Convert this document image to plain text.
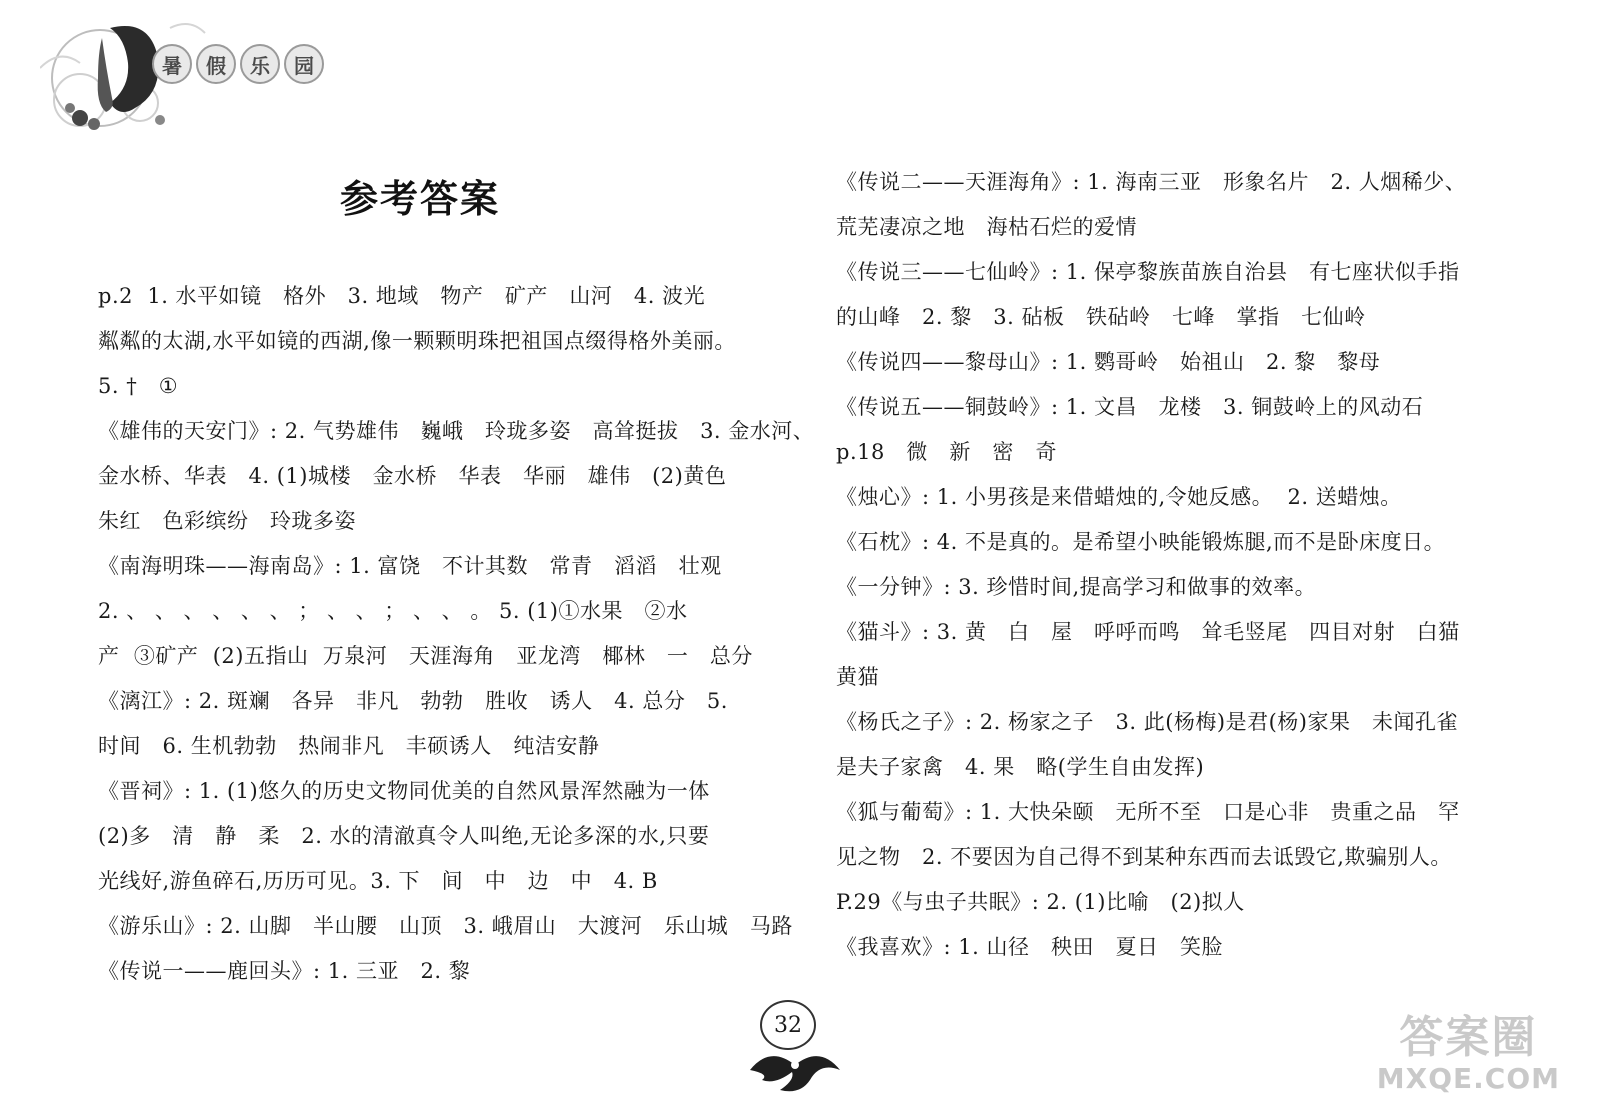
暑	假	乐	园
参考答案
p.2  1. 水平如镜   格外   3. 地域   物产   矿产   山河   4. 波光
粼粼的太湖,水平如镜的西湖,像一颗颗明珠把祖国点缀得格外美丽。
5. †   ①
《雄伟的天安门》: 2. 气势雄伟   巍峨   玲珑多姿   高耸挺拔   3. 金水河、
金水桥、华表   4. (1)城楼   金水桥   华表   华丽   雄伟   (2)黄色
朱红   色彩缤纷   玲珑多姿
《南海明珠——海南岛》: 1. 富饶   不计其数   常青   滔滔   壮观
2. 、 、 、 、 、 、 ； 、 、 ； 、 、 。 5. (1)①水果   ②水
产  ③矿产  (2)五指山  万泉河   天涯海角   亚龙湾   椰林   一   总分
《漓江》: 2. 斑斓   各异   非凡   勃勃   胜收   诱人   4. 总分   5.
时间   6. 生机勃勃   热闹非凡   丰硕诱人   纯洁安静
《晋祠》: 1. (1)悠久的历史文物同优美的自然风景浑然融为一体
(2)多   清   静   柔   2. 水的清澈真令人叫绝,无论多深的水,只要
光线好,游鱼碎石,历历可见。3. 下   间   中   边   中   4. B
《游乐山》: 2. 山脚   半山腰   山顶   3. 峨眉山   大渡河   乐山城   马路
《传说一——鹿回头》: 1. 三亚   2. 黎
《传说二——天涯海角》: 1. 海南三亚   形象名片   2. 人烟稀少、
荒芜凄凉之地   海枯石烂的爱情
《传说三——七仙岭》: 1. 保亭黎族苗族自治县   有七座状似手指
的山峰   2. 黎   3. 砧板   铁砧岭   七峰   掌指   七仙岭
《传说四——黎母山》: 1. 鹦哥岭   始祖山   2. 黎   黎母
《传说五——铜鼓岭》: 1. 文昌   龙楼   3. 铜鼓岭上的风动石
p.18   微   新   密   奇
《烛心》: 1. 小男孩是来借蜡烛的,令她反感。  2. 送蜡烛。
《石枕》: 4. 不是真的。是希望小映能锻炼腿,而不是卧床度日。
《一分钟》: 3. 珍惜时间,提高学习和做事的效率。
《猫斗》: 3. 黄   白   屋   呼呼而鸣   耸毛竖尾   四目对射   白猫
黄猫
《杨氏之子》: 2. 杨家之子   3. 此(杨梅)是君(杨)家果   未闻孔雀
是夫子家禽   4. 果   略(学生自由发挥)
《狐与葡萄》: 1. 大快朵颐   无所不至   口是心非   贵重之品   罕
见之物   2. 不要因为自己得不到某种东西而去诋毁它,欺骗别人。
P.29《与虫子共眠》: 2. (1)比喻   (2)拟人
《我喜欢》: 1. 山径   秧田   夏日   笑脸
32	答案圈
MXQE.COM
